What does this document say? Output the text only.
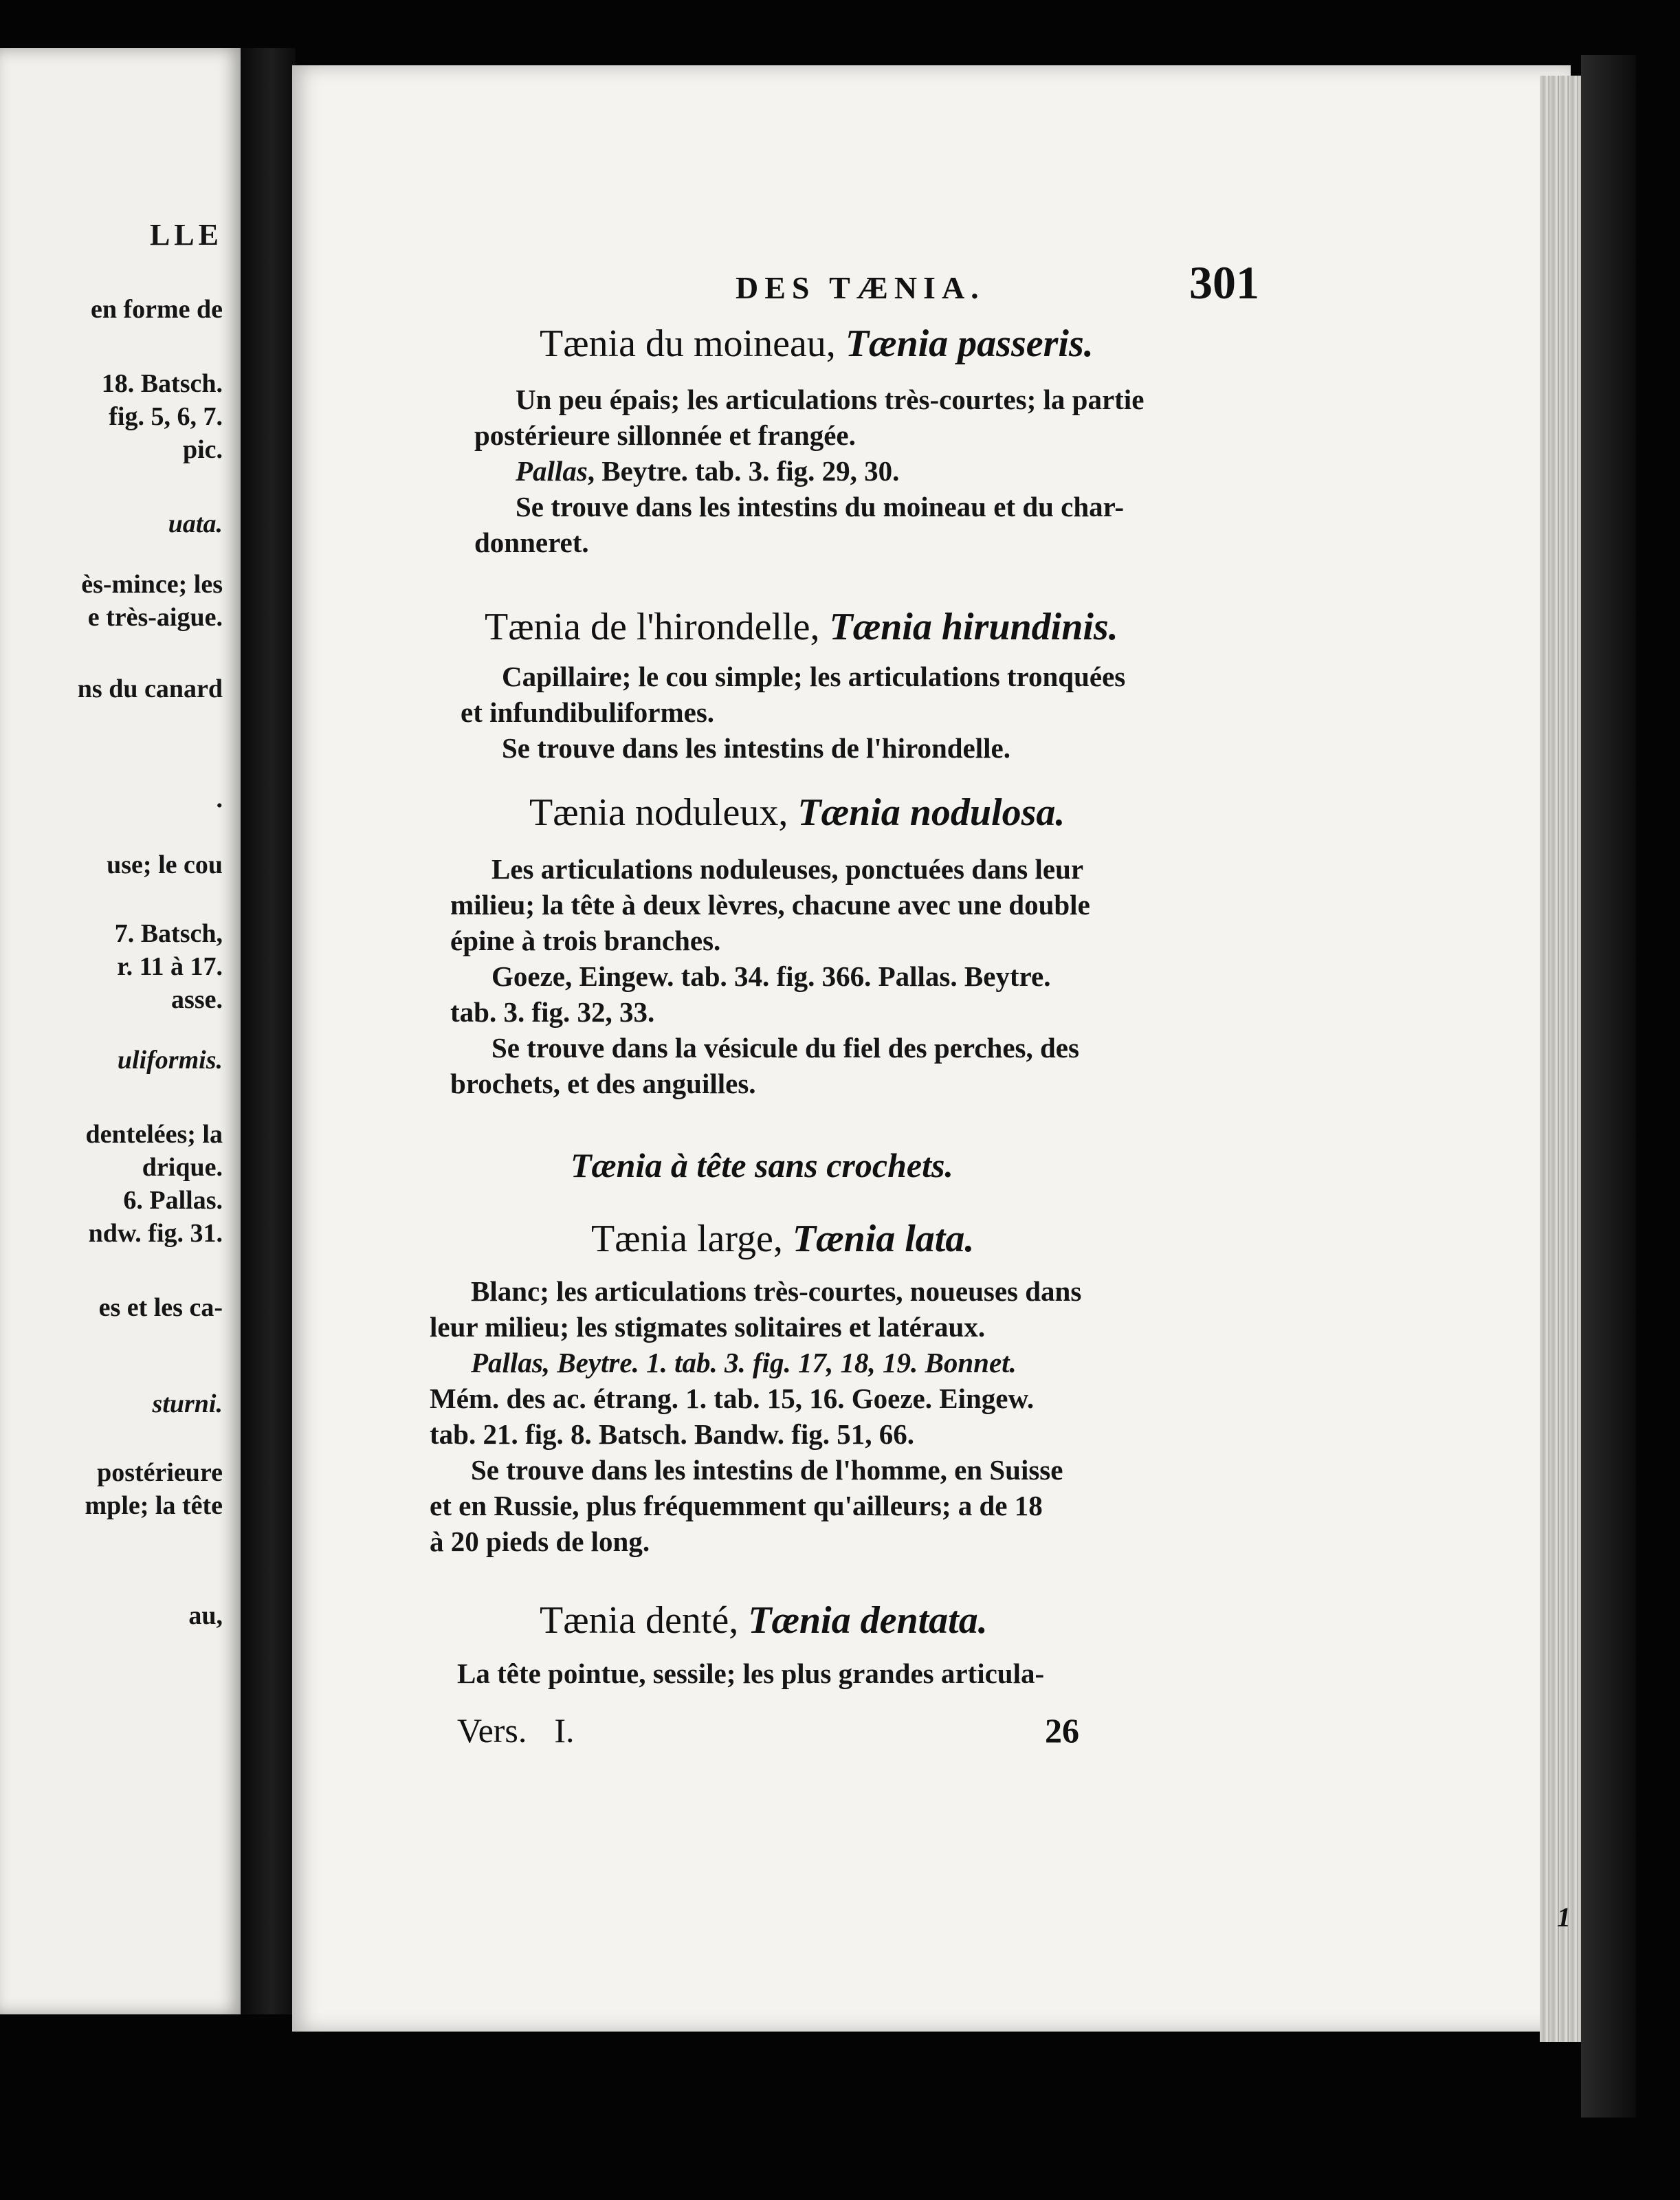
LLE
en forme de
18. Batsch.
fig. 5, 6, 7.
pic.
uata.
ès-mince; les
e très-aigue.
ns du canard
.
use; le cou
7. Batsch,
r. 11 à 17.
asse.
uliformis.
dentelées; la
drique.
6. Pallas.
ndw. fig. 31.
es et les ca-
sturni.
postérieure
mple; la tête
au,
DES TÆNIA.	301
Tænia du moineau, Tænia passeris.
Un peu épais; les articulations très-courtes; la partie
postérieure sillonnée et frangée.
Pallas, Beytre. tab. 3. fig. 29, 30.
Se trouve dans les intestins du moineau et du char-
donneret.
Tænia de l'hirondelle, Tænia hirundinis.
Capillaire; le cou simple; les articulations tronquées
et infundibuliformes.
Se trouve dans les intestins de l'hirondelle.
Tænia noduleux, Tænia nodulosa.
Les articulations noduleuses, ponctuées dans leur
milieu; la tête à deux lèvres, chacune avec une double
épine à trois branches.
Goeze, Eingew. tab. 34. fig. 366. Pallas. Beytre.
tab. 3. fig. 32, 33.
Se trouve dans la vésicule du fiel des perches, des
brochets, et des anguilles.
Tænia à tête sans crochets.
Tænia large, Tænia lata.
Blanc; les articulations très-courtes, noueuses dans
leur milieu; les stigmates solitaires et latéraux.
Pallas, Beytre. 1. tab. 3. fig. 17, 18, 19. Bonnet.
Mém. des ac. étrang. 1. tab. 15, 16. Goeze. Eingew.
tab. 21. fig. 8. Batsch. Bandw. fig. 51, 66.
Se trouve dans les intestins de l'homme, en Suisse
et en Russie, plus fréquemment qu'ailleurs; a de 18
à 20 pieds de long.
Tænia denté, Tænia dentata.
La tête pointue, sessile; les plus grandes articula-
Vers. I.	26
1
